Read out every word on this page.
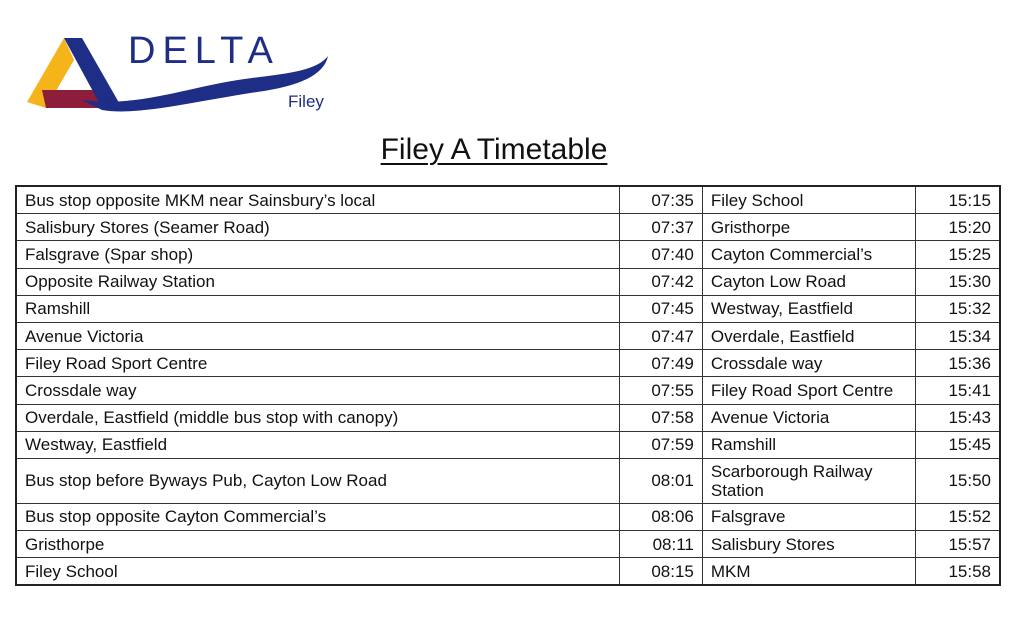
DELTA
Filey
Filey A Timetable
Bus stop opposite MKM near Sainsbury’s local	07:35	Filey School	15:15
Salisbury Stores (Seamer Road)	07:37	Gristhorpe	15:20
Falsgrave (Spar shop)	07:40	Cayton Commercial’s	15:25
Opposite Railway Station	07:42	Cayton Low Road	15:30
Ramshill	07:45	Westway, Eastfield	15:32
Avenue Victoria	07:47	Overdale, Eastfield	15:34
Filey Road Sport Centre	07:49	Crossdale way	15:36
Crossdale way	07:55	Filey Road Sport Centre	15:41
Overdale, Eastfield (middle bus stop with canopy)	07:58	Avenue Victoria	15:43
Westway, Eastfield	07:59	Ramshill	15:45
Bus stop before Byways Pub, Cayton Low Road	08:01	Scarborough Railway Station	15:50
Bus stop opposite Cayton Commercial’s	08:06	Falsgrave	15:52
Gristhorpe	08:11	Salisbury Stores	15:57
Filey School	08:15	MKM	15:58
